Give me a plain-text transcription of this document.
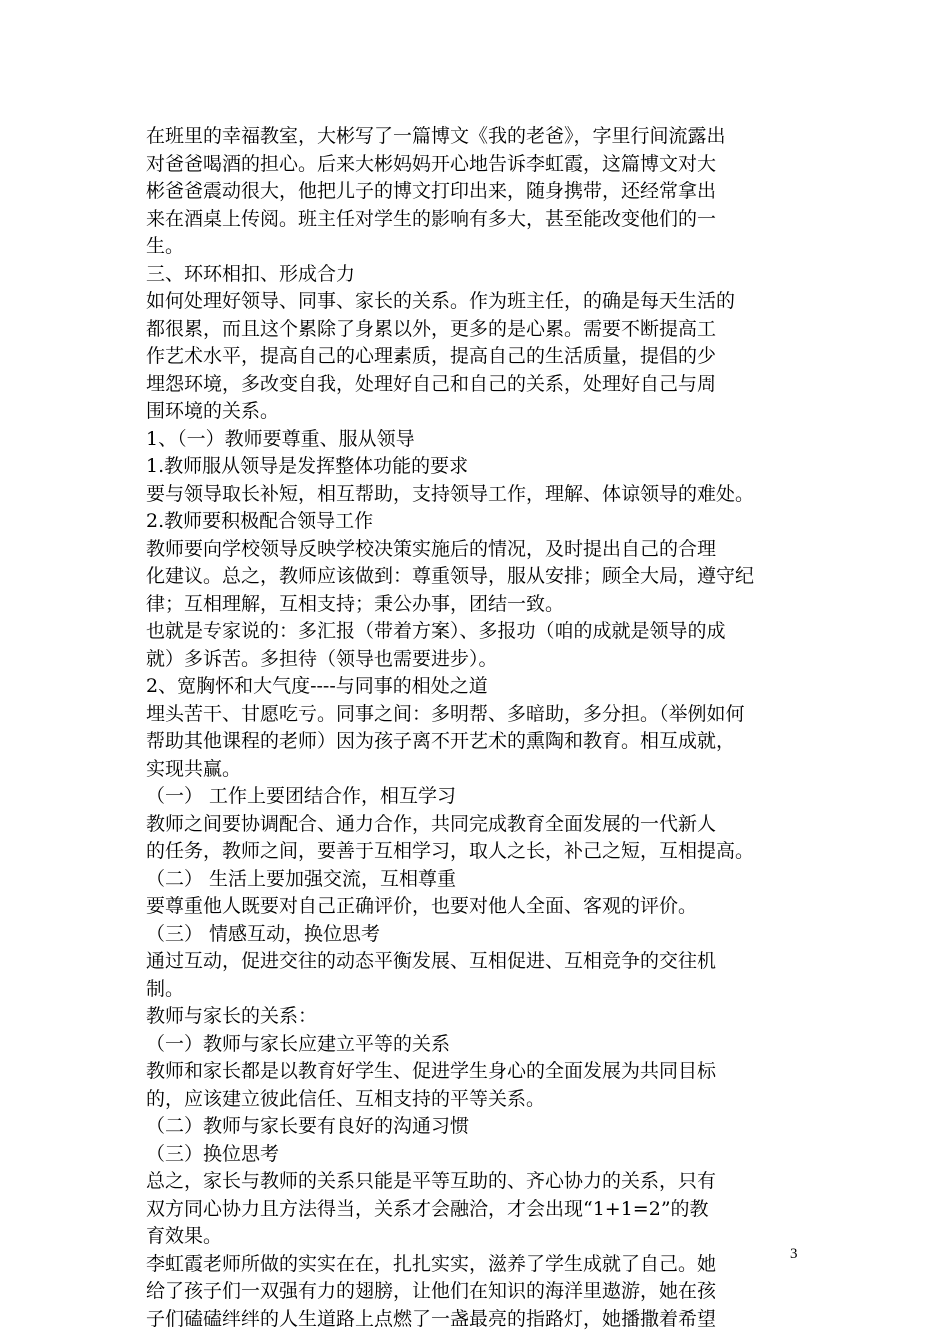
在班里的幸福教室，大彬写了一篇博文《我的老爸》，字里行间流露出
对爸爸喝酒的担心。后来大彬妈妈开心地告诉李虹霞，这篇博文对大
彬爸爸震动很大，他把儿子的博文打印出来，随身携带，还经常拿出
来在酒桌上传阅。班主任对学生的影响有多大，甚至能改变他们的一
生。
三、环环相扣、形成合力
如何处理好领导、同事、家长的关系。作为班主任，的确是每天生活的
都很累，而且这个累除了身累以外，更多的是心累。需要不断提高工
作艺术水平，提高自己的心理素质，提高自己的生活质量，提倡的少
埋怨环境，多改变自我，处理好自己和自己的关系，处理好自己与周
围环境的关系。
1、（一）教师要尊重、服从领导
1.教师服从领导是发挥整体功能的要求
要与领导取长补短，相互帮助，支持领导工作，理解、体谅领导的难处。
2.教师要积极配合领导工作
教师要向学校领导反映学校决策实施后的情况，及时提出自己的合理
化建议。总之，教师应该做到：尊重领导，服从安排；顾全大局，遵守纪
律；互相理解，互相支持；秉公办事，团结一致。
也就是专家说的：多汇报（带着方案）、多报功（咱的成就是领导的成
就）多诉苦。多担待（领导也需要进步）。
2、宽胸怀和大气度----与同事的相处之道
埋头苦干、甘愿吃亏。同事之间：多明帮、多暗助，多分担。（举例如何
帮助其他课程的老师）因为孩子离不开艺术的熏陶和教育。相互成就，
实现共赢。
（一） 工作上要团结合作，相互学习
教师之间要协调配合、通力合作，共同完成教育全面发展的一代新人
的任务，教师之间，要善于互相学习，取人之长，补己之短，互相提高。
（二） 生活上要加强交流，互相尊重
要尊重他人既要对自己正确评价，也要对他人全面、客观的评价。
（三） 情感互动，换位思考
通过互动，促进交往的动态平衡发展、互相促进、互相竞争的交往机
制。
教师与家长的关系：
（一）教师与家长应建立平等的关系
教师和家长都是以教育好学生、促进学生身心的全面发展为共同目标
的，应该建立彼此信任、互相支持的平等关系。
（二）教师与家长要有良好的沟通习惯
（三）换位思考
总之，家长与教师的关系只能是平等互助的、齐心协力的关系，只有
双方同心协力且方法得当，关系才会融洽，才会出现“1+1=2”的教
育效果。
李虹霞老师所做的实实在在，扎扎实实，滋养了学生成就了自己。她
给了孩子们一双强有力的翅膀，让他们在知识的海洋里遨游，她在孩
子们磕磕绊绊的人生道路上点燃了一盏最亮的指路灯，她播撒着希望
3
